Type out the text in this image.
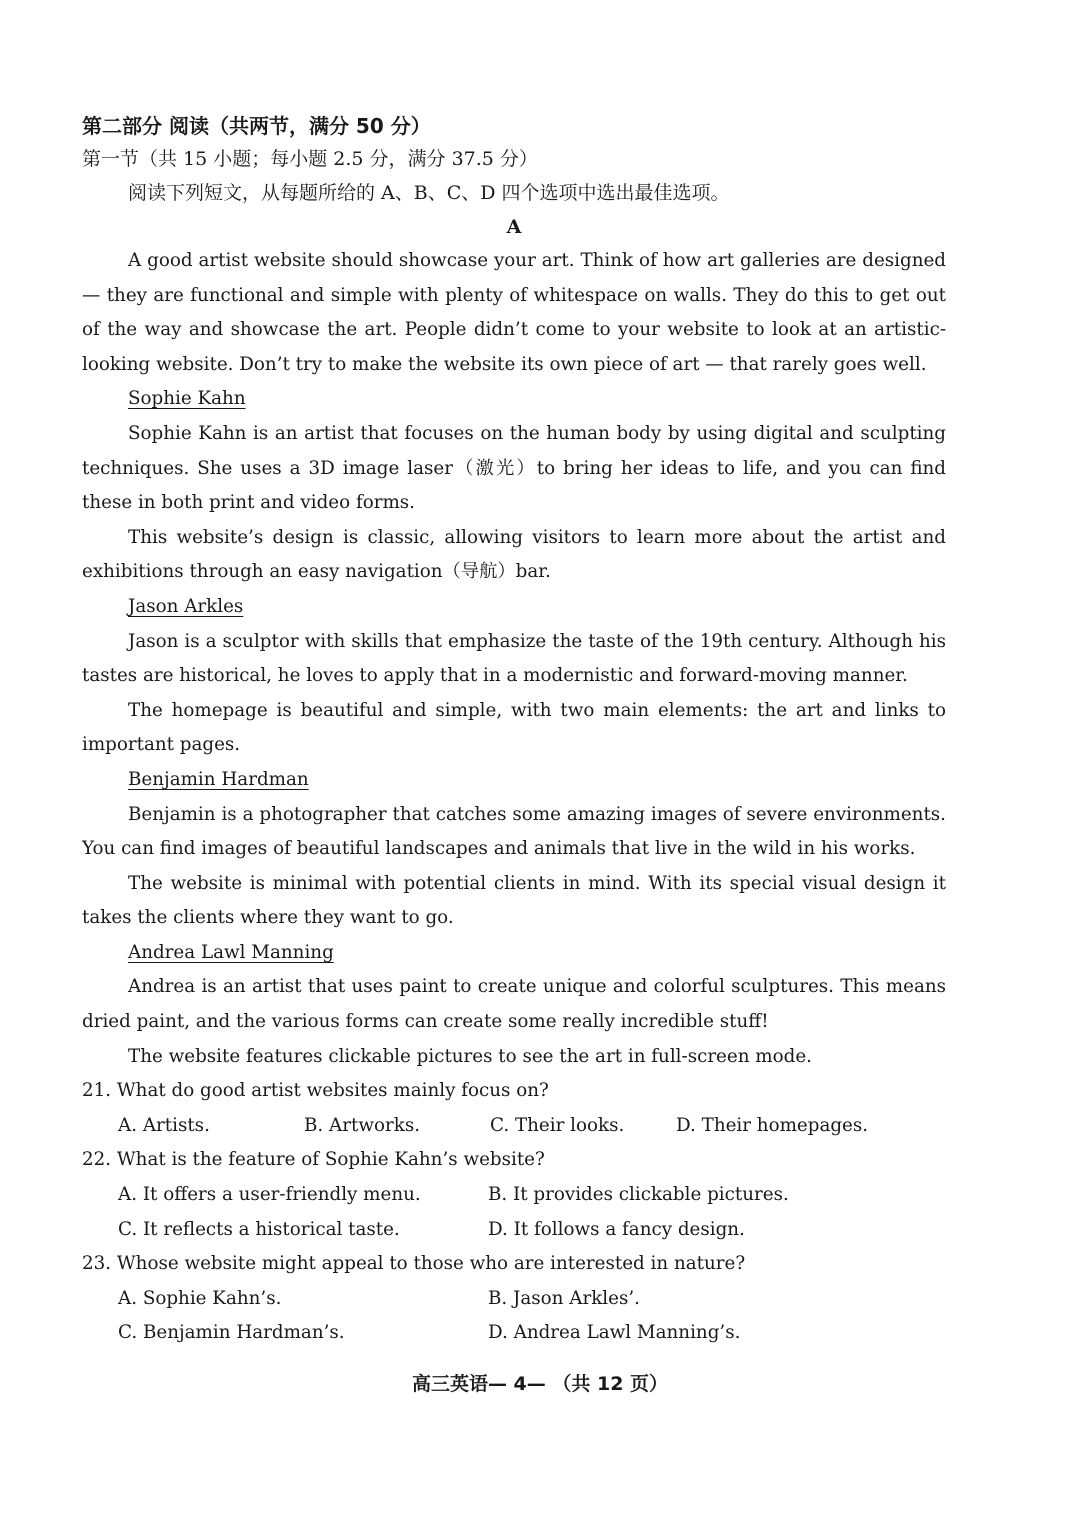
第二部分 阅读（共两节，满分 50 分）

第一节（共 15 小题；每小题 2.5 分，满分 37.5 分）

阅读下列短文，从每题所给的 A、B、C、D 四个选项中选出最佳选项。

A

A good artist website should showcase your art. Think of how art galleries are designed — they are functional and simple with plenty of whitespace on walls. They do this to get out of the way and showcase the art. People didn’t come to your website to look at an artistic-looking website. Don’t try to make the website its own piece of art — that rarely goes well.

Sophie Kahn

Sophie Kahn is an artist that focuses on the human body by using digital and sculpting techniques. She uses a 3D image laser（激光）to bring her ideas to life, and you can find these in both print and video forms.

This website’s design is classic, allowing visitors to learn more about the artist and exhibitions through an easy navigation（导航）bar.

Jason Arkles

Jason is a sculptor with skills that emphasize the taste of the 19th century. Although his tastes are historical, he loves to apply that in a modernistic and forward-moving manner.

The homepage is beautiful and simple, with two main elements: the art and links to important pages.

Benjamin Hardman

Benjamin is a photographer that catches some amazing images of severe environments. You can find images of beautiful landscapes and animals that live in the wild in his works.

The website is minimal with potential clients in mind. With its special visual design it takes the clients where they want to go.

Andrea Lawl Manning

Andrea is an artist that uses paint to create unique and colorful sculptures. This means dried paint, and the various forms can create some really incredible stuff!

The website features clickable pictures to see the art in full-screen mode.

21. What do good artist websites mainly focus on?

A. Artists.	B. Artworks.	C. Their looks.	D. Their homepages.

22. What is the feature of Sophie Kahn’s website?

A. It offers a user-friendly menu.	B. It provides clickable pictures.
C. It reflects a historical taste.	D. It follows a fancy design.

23. Whose website might appeal to those who are interested in nature?

A. Sophie Kahn’s.	B. Jason Arkles’.
C. Benjamin Hardman’s.	D. Andrea Lawl Manning’s.
高三英语— 4— （共 12 页）
